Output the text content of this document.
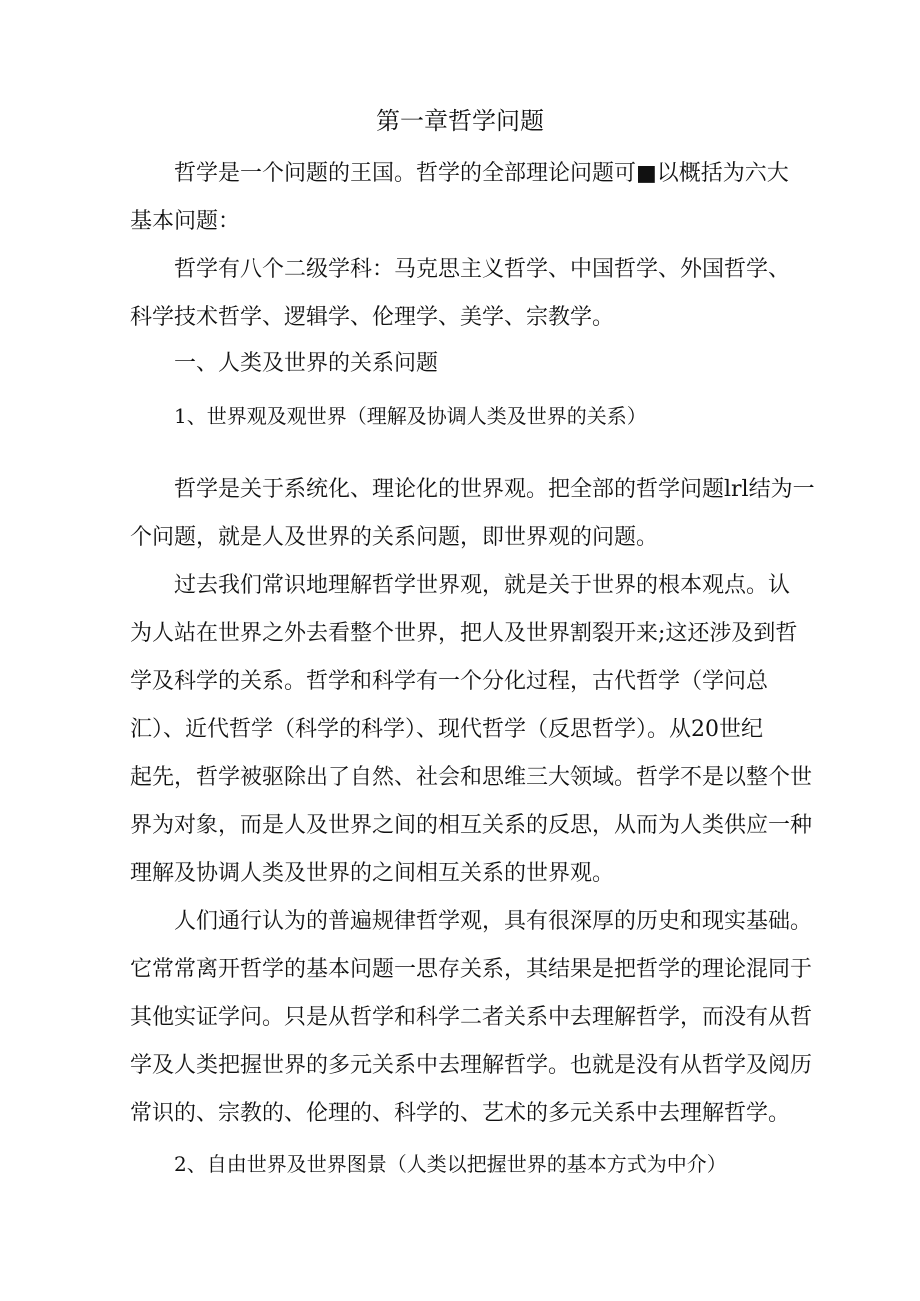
第一章哲学问题
哲学是一个问题的王国。哲学的全部理论问题可■以概括为六大
基本问题：
哲学有八个二级学科：马克思主义哲学、中国哲学、外国哲学、
科学技术哲学、逻辑学、伦理学、美学、宗教学。
一、人类及世界的关系问题
1、世界观及观世界（理解及协调人类及世界的关系）
哲学是关于系统化、理论化的世界观。把全部的哲学问题lrl结为一
个问题，就是人及世界的关系问题，即世界观的问题。
过去我们常识地理解哲学世界观，就是关于世界的根本观点。认
为人站在世界之外去看整个世界，把人及世界割裂开来;这还涉及到哲
学及科学的关系。哲学和科学有一个分化过程，古代哲学（学问总
汇）、近代哲学（科学的科学）、现代哲学（反思哲学）。从20世纪
起先，哲学被驱除出了自然、社会和思维三大领域。哲学不是以整个世
界为对象，而是人及世界之间的相互关系的反思，从而为人类供应一种
理解及协调人类及世界的之间相互关系的世界观。
人们通行认为的普遍规律哲学观，具有很深厚的历史和现实基础。
它常常离开哲学的基本问题一思存关系，其结果是把哲学的理论混同于
其他实证学问。只是从哲学和科学二者关系中去理解哲学，而没有从哲
学及人类把握世界的多元关系中去理解哲学。也就是没有从哲学及阅历
常识的、宗教的、伦理的、科学的、艺术的多元关系中去理解哲学。
2、自由世界及世界图景（人类以把握世界的基本方式为中介）
